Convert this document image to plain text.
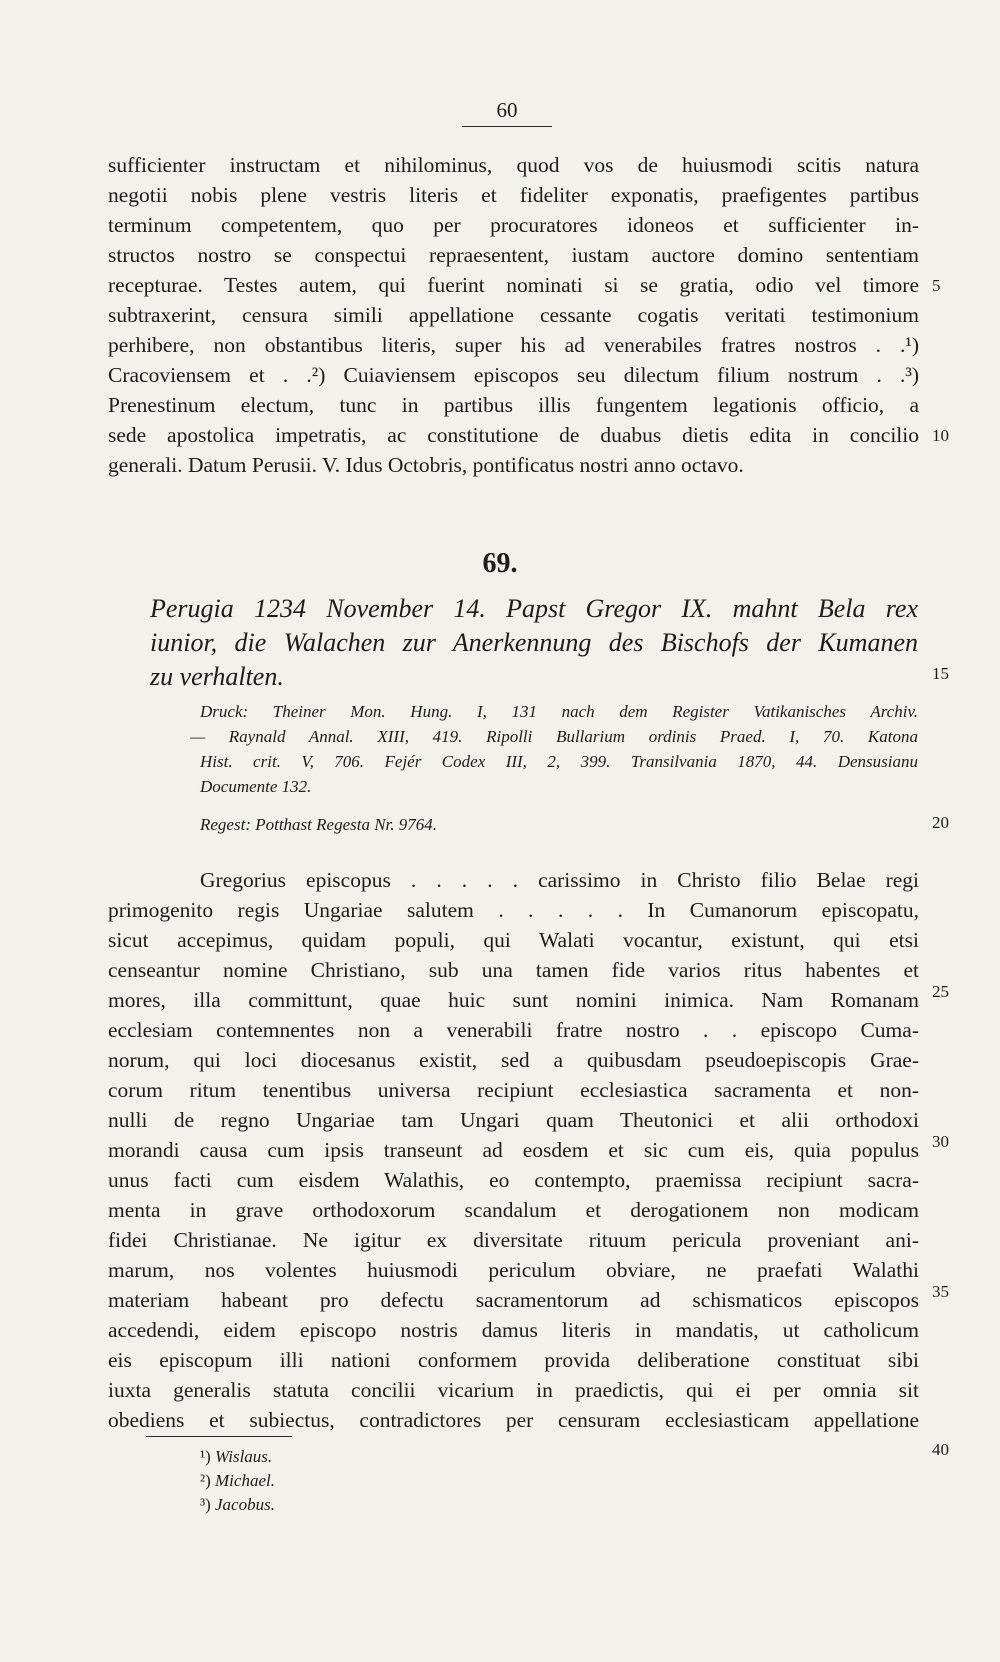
60
sufficienter instructam et nihilominus, quod vos de huiusmodi scitis natura
negotii nobis plene vestris literis et fideliter exponatis, praefigentes partibus
terminum competentem, quo per procuratores idoneos et sufficienter in-
structos nostro se conspectui repraesentent, iustam auctore domino sententiam
recepturae. Testes autem, qui fuerint nominati si se gratia, odio vel timore
subtraxerint, censura simili appellatione cessante cogatis veritati testimonium
perhibere, non obstantibus literis, super his ad venerabiles fratres nostros . .¹)
Cracoviensem et . .²) Cuiaviensem episcopos seu dilectum filium nostrum . .³)
Prenestinum electum, tunc in partibus illis fungentem legationis officio, a
sede apostolica impetratis, ac constitutione de duabus dietis edita in concilio
generali. Datum Perusii. V. Idus Octobris, pontificatus nostri anno octavo.
69.
Perugia 1234 November 14. Papst Gregor IX. mahnt Bela rex
iunior, die Walachen zur Anerkennung des Bischofs der Kumanen
zu verhalten.
Druck: Theiner Mon. Hung. I, 131 nach dem Register Vatikanisches Archiv.
— Raynald Annal. XIII, 419. Ripolli Bullarium ordinis Praed. I, 70. Katona
Hist. crit. V, 706. Fejér Codex III, 2, 399. Transilvania 1870, 44. Densusianu
Documente 132.
Regest: Potthast Regesta Nr. 9764.
Gregorius episcopus . . . . . carissimo in Christo filio Belae regi
primogenito regis Ungariae salutem . . . . . In Cumanorum episcopatu,
sicut accepimus, quidam populi, qui Walati vocantur, existunt, qui etsi
censeantur nomine Christiano, sub una tamen fide varios ritus habentes et
mores, illa committunt, quae huic sunt nomini inimica. Nam Romanam
ecclesiam contemnentes non a venerabili fratre nostro . . episcopo Cuma-
norum, qui loci diocesanus existit, sed a quibusdam pseudoepiscopis Grae-
corum ritum tenentibus universa recipiunt ecclesiastica sacramenta et non-
nulli de regno Ungariae tam Ungari quam Theutonici et alii orthodoxi
morandi causa cum ipsis transeunt ad eosdem et sic cum eis, quia populus
unus facti cum eisdem Walathis, eo contempto, praemissa recipiunt sacra-
menta in grave orthodoxorum scandalum et derogationem non modicam
fidei Christianae. Ne igitur ex diversitate rituum pericula proveniant ani-
marum, nos volentes huiusmodi periculum obviare, ne praefati Walathi
materiam habeant pro defectu sacramentorum ad schismaticos episcopos
accedendi, eidem episcopo nostris damus literis in mandatis, ut catholicum
eis episcopum illi nationi conformem provida deliberatione constituat sibi
iuxta generalis statuta concilii vicarium in praedictis, qui ei per omnia sit
obediens et subiectus, contradictores per censuram ecclesiasticam appellatione
¹) Wislaus.
²) Michael.
³) Jacobus.
5
10
15
20
25
30
35
40
